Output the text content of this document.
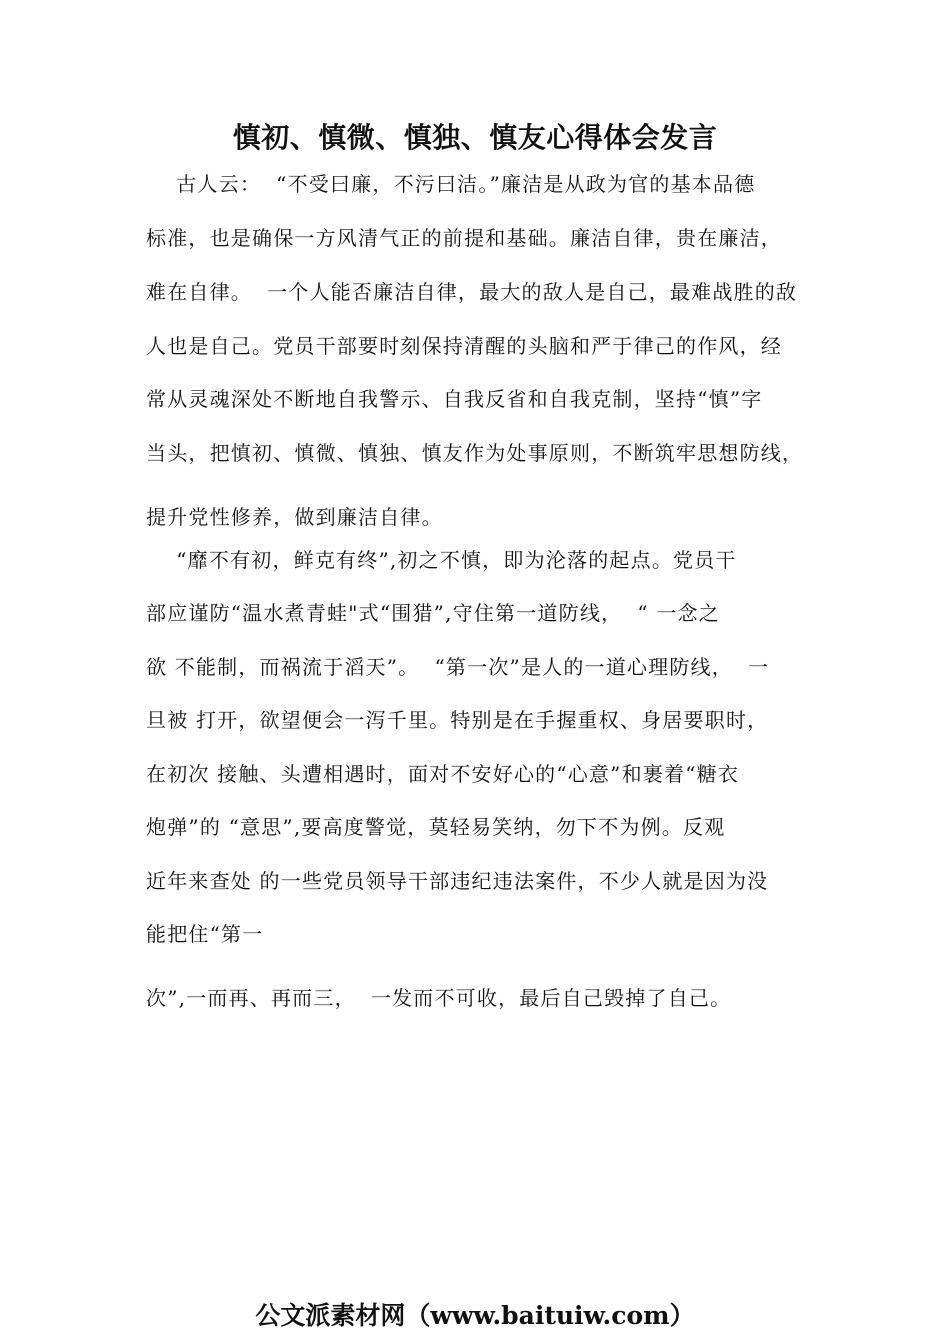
慎初、慎微、慎独、慎友心得体会发言
古人云：  “不受曰廉，不污曰洁。”廉洁是从政为官的基本品德
标准，也是确保一方风清气正的前提和基础。廉洁自律，贵在廉洁，
难在自律。  一个人能否廉洁自律，最大的敌人是自己，最难战胜的敌
人也是自己。党员干部要时刻保持清醒的头脑和严于律己的作风，经
常从灵魂深处不断地自我警示、自我反省和自我克制，坚持“慎”字
当头，把慎初、慎微、慎独、慎友作为处事原则，不断筑牢思想防线，
提升党性修养，做到廉洁自律。
“靡不有初，鲜克有终”,初之不慎，即为沦落的起点。党员干
部应谨防“温水煮青蛙"式“围猎”,守住第一道防线，  “ 一念之
欲 不能制，而祸流于滔天”。  “第一次”是人的一道心理防线，  一
旦被 打开，欲望便会一泻千里。特别是在手握重权、身居要职时，
在初次 接触、头遭相遇时，面对不安好心的“心意”和裹着“糖衣
炮弹”的 “意思”,要高度警觉，莫轻易笑纳，勿下不为例。反观
近年来查处 的一些党员领导干部违纪违法案件，不少人就是因为没
能把住“第一
次”,一而再、再而三，  一发而不可收，最后自己毁掉了自己。
公文派素材网（www.baituiw.com）
